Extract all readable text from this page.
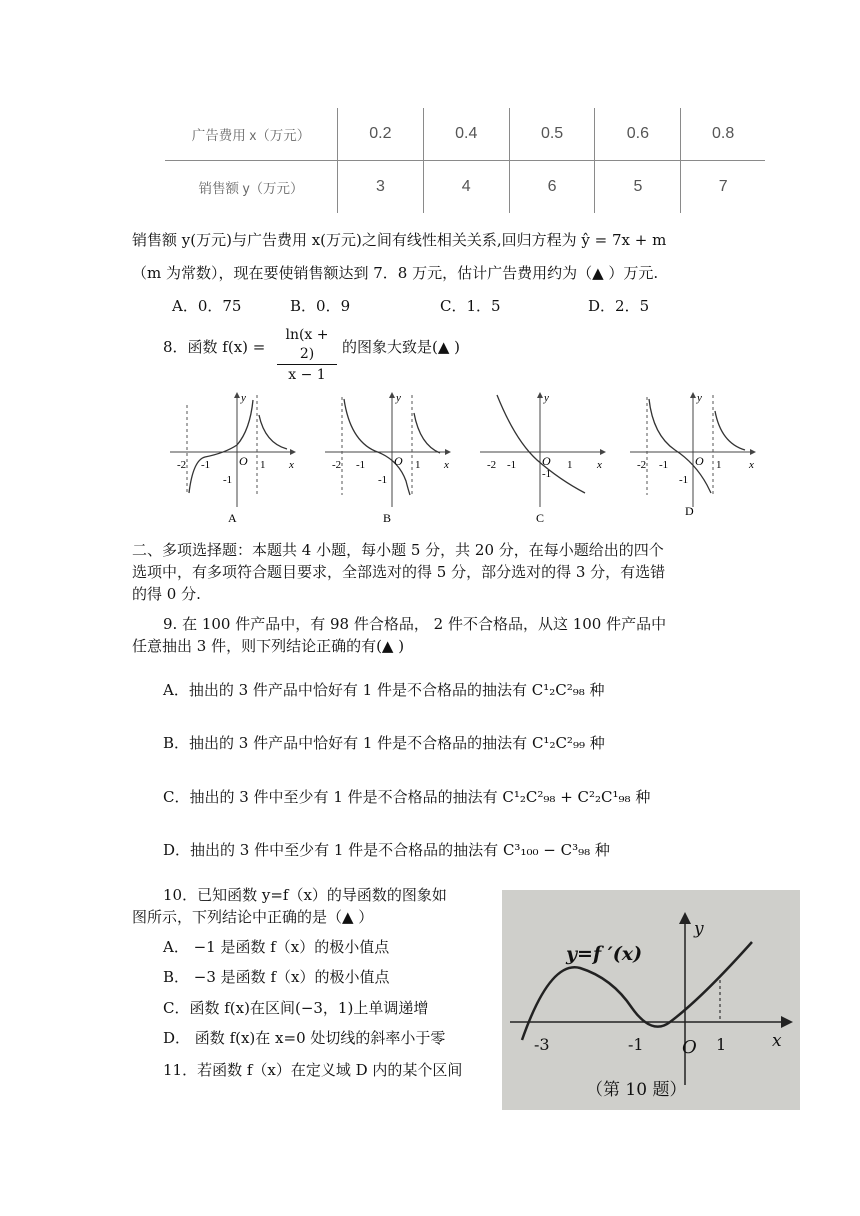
广告费用 x（万元）	0.2	0.4	0.5	0.6	0.8
销售额 y（万元）	3	4	6	5	7
销售额 y(万元)与广告费用 x(万元)之间有线性相关关系,回归方程为 ŷ = 7x + m
（m 为常数），现在要使销售额达到 7．8 万元，估计广告费用约为（▲ ）万元.
A．0．75	B．0．9	C．1．5	D．2．5
8．函数 $f(x) = \frac{\ln(x + 2)}{x - 1}$ 的图象大致是(▲ )
-2 -1 O 1 x
y
-1
A
-2 -1 O 1 x
y
-1
B
-2 -1 O 1 x
y
-1
C
-2 -1 O 1	x
y
-1
D
二、多项选择题：本题共 4 小题，每小题 5 分，共 20 分，在每小题给出的四个
选项中，有多项符合题目要求，全部选对的得 5 分，部分选对的得 3 分，有选错
的得 0 分.
9. 在 100 件产品中，有 98 件合格品， 2 件不合格品，从这 100 件产品中
任意抽出 3 件，则下列结论正确的有(▲ )
A．抽出的 3 件产品中恰好有 1 件是不合格品的抽法有 C¹₂C²₉₈ 种
B．抽出的 3 件产品中恰好有 1 件是不合格品的抽法有 C¹₂C²₉₉ 种
C．抽出的 3 件中至少有 1 件是不合格品的抽法有 C¹₂C²₉₈ + C²₂C¹₉₈ 种
D．抽出的 3 件中至少有 1 件是不合格品的抽法有 C³₁₀₀ − C³₉₈ 种
10．已知函数 y=f（x）的导函数的图象如
图所示，下列结论中正确的是（▲ ）
A． −1 是函数 f（x）的极小值点
B． −3 是函数 f（x）的极小值点
C．函数 f(x)在区间(−3，1)上单调递增
D． 函数 f(x)在 x=0 处切线的斜率小于零
11．若函数 f（x）在定义域 D 内的某个区间
y=f ′(x)
y
x
-3	-1 O 1
（第 10 题）
